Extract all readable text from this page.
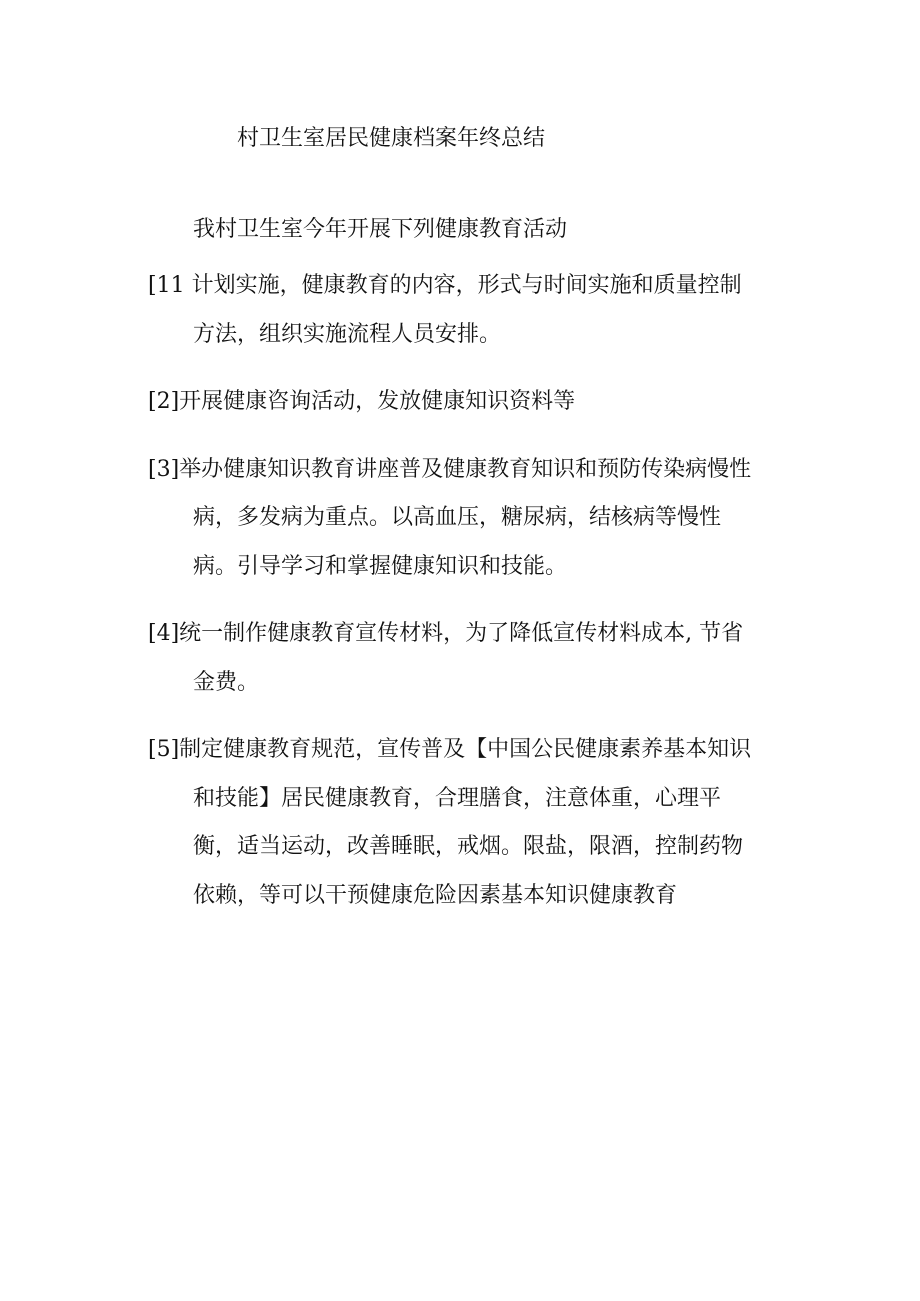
村卫生室居民健康档案年终总结
我村卫生室今年开展下列健康教育活动
[11 计划实施，健康教育的内容，形式与时间实施和质量控制
方法，组织实施流程人员安排。
[2]开展健康咨询活动，发放健康知识资料等
[3]举办健康知识教育讲座普及健康教育知识和预防传染病慢性
病，多发病为重点。以高血压，糖尿病，结核病等慢性
病。引导学习和掌握健康知识和技能。
[4]统一制作健康教育宣传材料，为了降低宣传材料成本, 节省
金费。
[5]制定健康教育规范，宣传普及【中国公民健康素养基本知识
和技能】居民健康教育，合理膳食，注意体重，心理平
衡，适当运动，改善睡眠，戒烟。限盐，限酒，控制药物
依赖，等可以干预健康危险因素基本知识健康教育
